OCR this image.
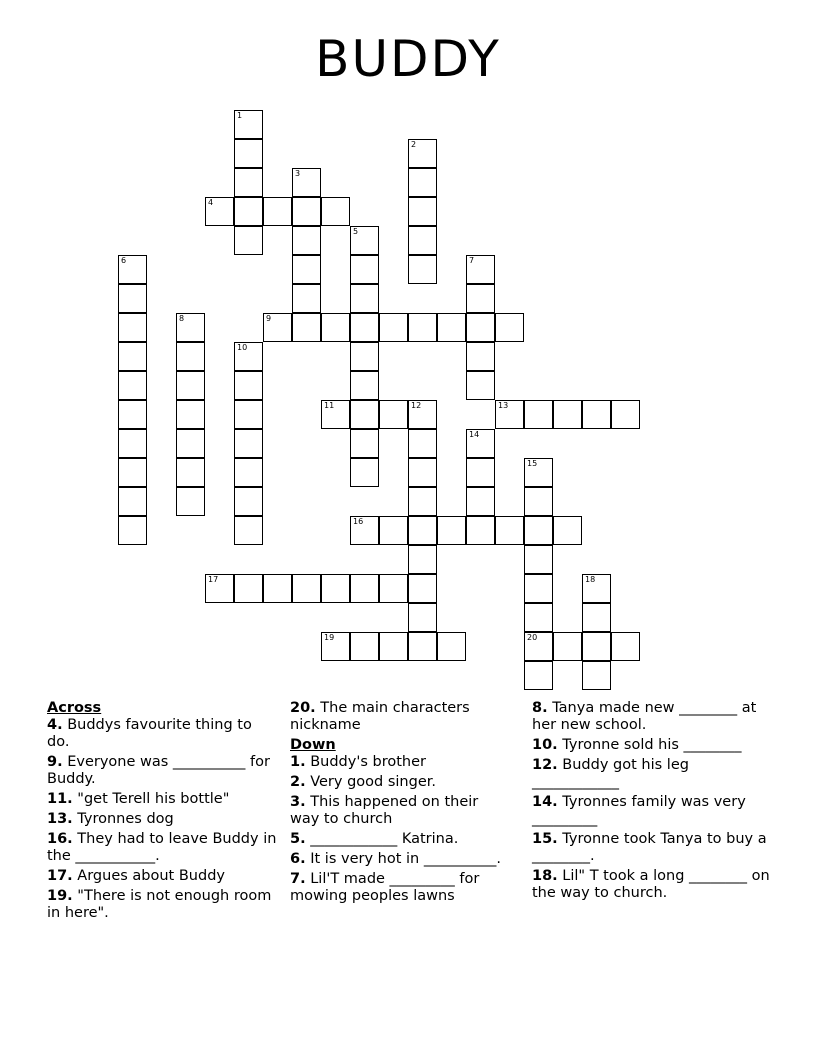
BUDDY
1
2
3
4
5
6	7
8	9
10
11	12	13
14
15
20
16
17	18
19
Across
4. Buddys favourite thing to do.
9. Everyone was __________ for Buddy.
11. "get Terell his bottle"
13. Tyronnes dog
16. They had to leave Buddy in the ___________.
17. Argues about Buddy
19. "There is not enough room in here".
20. The main characters nickname
Down
1. Buddy's brother
2. Very good singer.
3. This happened on their way to church
5. ____________ Katrina.
6. It is very hot in __________.
7. Lil'T made _________ for mowing peoples lawns
8. Tanya made new ________ at her new school.
10. Tyronne sold his ________
12. Buddy got his leg ____________
14. Tyronnes family was very _________
15. Tyronne took Tanya to buy a ________.
18. Lil" T took a long ________ on the way to church.
